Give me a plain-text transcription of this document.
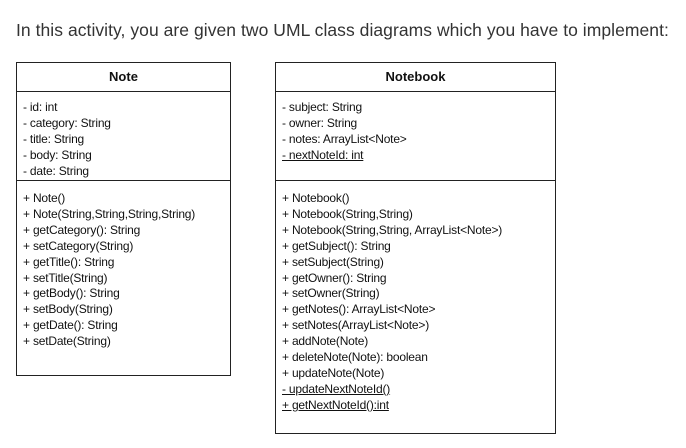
In this activity, you are given two UML class diagrams which you have to implement:
Note
- id: int
- category: String
- title: String
- body: String
- date: String
+ Note()
+ Note(String,String,String,String)
+ getCategory(): String
+ setCategory(String)
+ getTitle(): String
+ setTitle(String)
+ getBody(): String
+ setBody(String)
+ getDate(): String
+ setDate(String)
Notebook
- subject: String
- owner: String
- notes: ArrayList<Note>
- nextNoteId: int
+ Notebook()
+ Notebook(String,String)
+ Notebook(String,String, ArrayList<Note>)
+ getSubject(): String
+ setSubject(String)
+ getOwner(): String
+ setOwner(String)
+ getNotes(): ArrayList<Note>
+ setNotes(ArrayList<Note>)
+ addNote(Note)
+ deleteNote(Note): boolean
+ updateNote(Note)
- updateNextNoteId()
+ getNextNoteId():int
